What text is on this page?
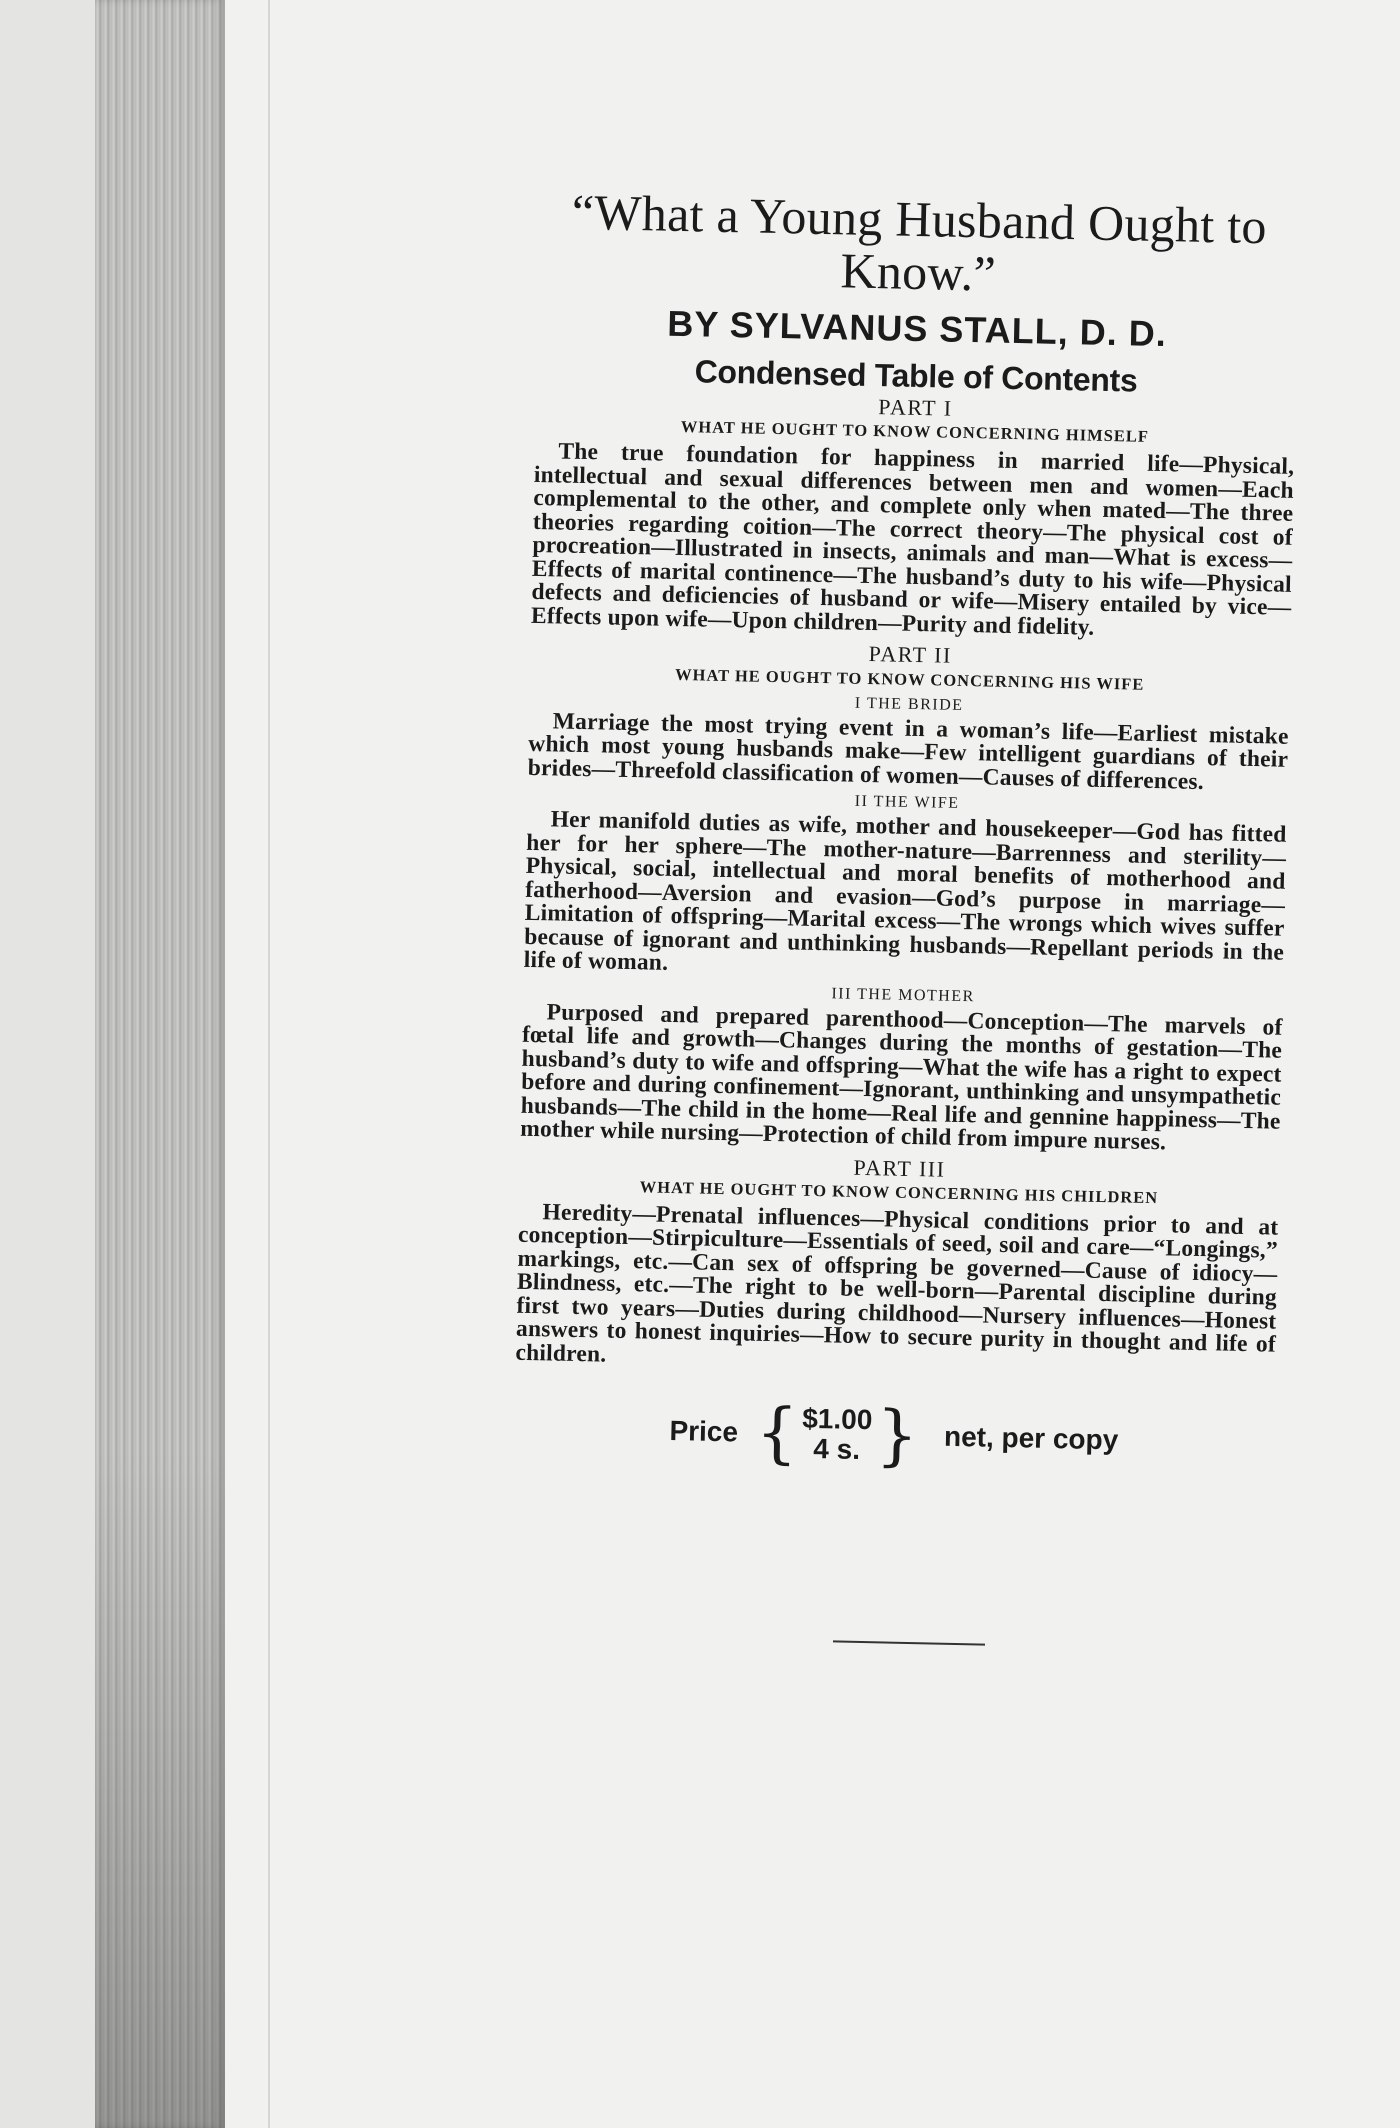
“What a Young Husband Ought to Know.”
BY SYLVANUS STALL, D. D.
Condensed Table of Contents
PART I
WHAT HE OUGHT TO KNOW CONCERNING HIMSELF

The true foundation for happiness in married life—Physical, intellectual and sexual differences between men and women—Each complemental to the other, and complete only when mated—The three theories regarding coition—The correct theory—The physical cost of procreation—Illustrated in insects, animals and man—What is excess—Effects of marital continence—The husband’s duty to his wife—Physical defects and deficiencies of husband or wife—Misery entailed by vice—Effects upon wife—Upon children—Purity and fidelity.

PART II
WHAT HE OUGHT TO KNOW CONCERNING HIS WIFE
I THE BRIDE

Marriage the most trying event in a woman’s life—Earliest mistake which most young husbands make—Few intelligent guardians of their brides—Threefold classification of women—Causes of differences.

II THE WIFE

Her manifold duties as wife, mother and housekeeper—God has fitted her for her sphere—The mother-nature—Barrenness and sterility—Physical, social, intellectual and moral benefits of motherhood and fatherhood—Aversion and evasion—God’s purpose in marriage—Limitation of offspring—Marital excess—The wrongs which wives suffer because of ignorant and unthinking husbands—Repellant periods in the life of woman.

III THE MOTHER

Purposed and prepared parenthood—Conception—The marvels of fœtal life and growth—Changes during the months of gestation—The husband’s duty to wife and offspring—What the wife has a right to expect before and during confinement—Ignorant, unthinking and unsympathetic husbands—The child in the home—Real life and gennine happiness—The mother while nursing—Protection of child from impure nurses.

PART III
WHAT HE OUGHT TO KNOW CONCERNING HIS CHILDREN

Heredity—Prenatal influences—Physical conditions prior to and at conception—Stirpiculture—Essentials of seed, soil and care—“Longings,” markings, etc.—Can sex of offspring be governed—Cause of idiocy—Blindness, etc.—The right to be well-born—Parental discipline during first two years—Duties during childhood—Nursery influences—Honest answers to honest inquiries—How to secure purity in thought and life of children.

Price { $1.00
4 s. } net, per copy
